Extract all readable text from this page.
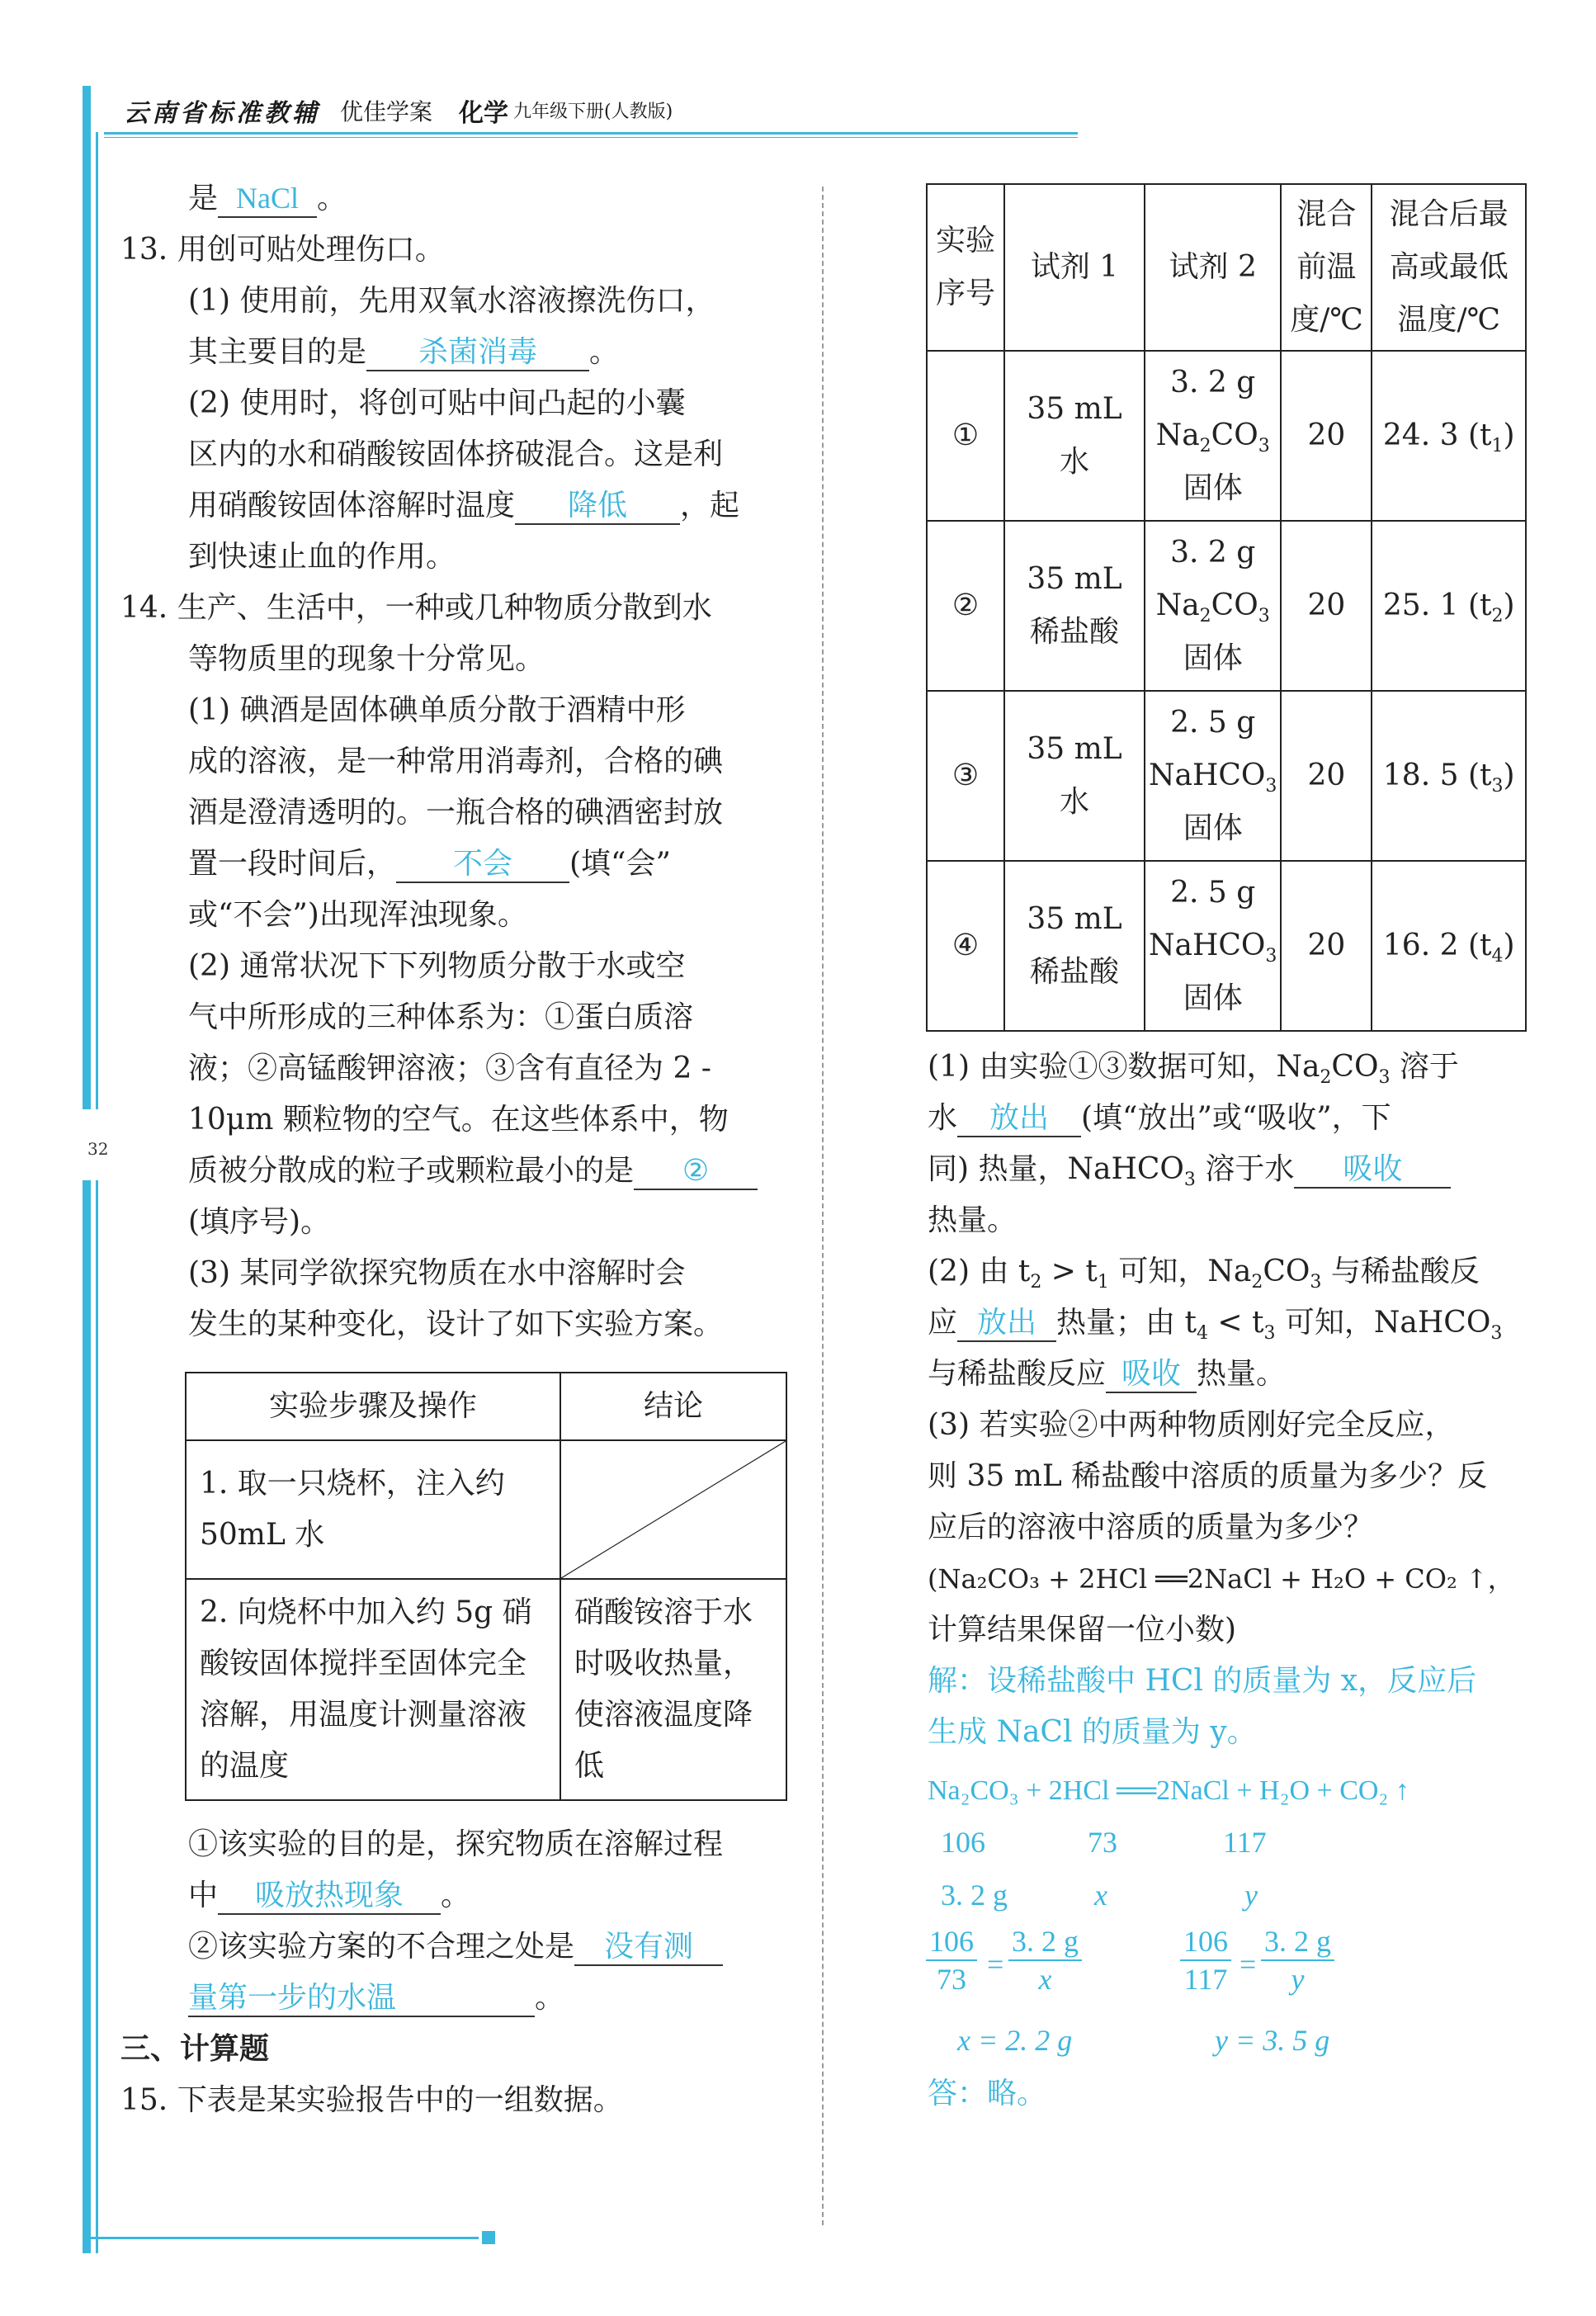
云南省标准教辅 优佳学案 化学 九年级下册(人教版)
32

是 NaCl 。

13. 用创可贴处理伤口。

(1) 使用前，先用双氧水溶液擦洗伤口，

其主要目的是 杀菌消毒 。

(2) 使用时，将创可贴中间凸起的小囊

区内的水和硝酸铵固体挤破混合。这是利

用硝酸铵固体溶解时温度 降低 ，起

到快速止血的作用。

14. 生产、生活中，一种或几种物质分散到水

等物质里的现象十分常见。

(1) 碘酒是固体碘单质分散于酒精中形

成的溶液，是一种常用消毒剂，合格的碘

酒是澄清透明的。一瓶合格的碘酒密封放

置一段时间后， 不会 (填“会”

或“不会”)出现浑浊现象。

(2) 通常状况下下列物质分散于水或空

气中所形成的三种体系为：①蛋白质溶

液；②高锰酸钾溶液；③含有直径为 2 -

10μm 颗粒物的空气。在这些体系中，物

质被分散成的粒子或颗粒最小的是 ②

(填序号)。

(3) 某同学欲探究物质在水中溶解时会

发生的某种变化，设计了如下实验方案。

实验步骤及操作	结论
1. 取一只烧杯，注入约 50mL 水	

2. 向烧杯中加入约 5g 硝酸铵固体搅拌至固体完全溶解，用温度计测量溶液的温度	硝酸铵溶于水时吸收热量，使溶液温度降低

①该实验的目的是，探究物质在溶解过程

中 吸放热现象 。

②该实验方案的不合理之处是 没有测

量第一步的水温	。

三、计算题

15. 下表是某实验报告中的一组数据。

实验序号	试剂 1	试剂 2	混合前温度/℃	混合后最高或最低温度/℃
①	35 mL 水	3. 2 g
$Na_2CO_3$
固体	20	24. 3 $(t_1)$
②	35 mL 稀盐酸	3. 2 g
$Na_2CO_3$
固体	20	25. 1 $(t_2)$
③	35 mL 水	2. 5 g
NaHCO$_3$
固体	20	18. 5 $(t_3)$
④	35 mL 稀盐酸	2. 5 g
NaHCO$_3$
固体	20	16. 2 $(t_4)$

(1) 由实验①③数据可知，$Na_2CO_3$ 溶于

水 放出 (填“放出”或“吸收”，下

同) 热量，NaHCO$_3$ 溶于水 吸收

热量。

(2) 由 $t_2 > t_1$ 可知，$Na_2CO_3$ 与稀盐酸反

应 放出 热量；由 $t_4 < t_3$ 可知，NaHCO$_3$

与稀盐酸反应 吸收 热量。

(3) 若实验②中两种物质刚好完全反应，

则 35 mL 稀盐酸中溶质的质量为多少？反

应后的溶液中溶质的质量为多少？

(Na₂CO₃ + 2HCl ══2NaCl + H₂O + CO₂ ↑，

计算结果保留一位小数)

解：设稀盐酸中 HCl 的质量为 x，反应后

生成 NaCl 的质量为 y。

Na₂CO₃ + 2HCl ══2NaCl + H₂O + CO₂ ↑
106	73	117
3. 2 g	x	y
$\frac{106}{73} = \frac{3. 2 g}{x}$	$\frac{106}{117} = \frac{3. 2 g}{y}$
x = 2. 2 g	y = 3. 5 g
答：略。
